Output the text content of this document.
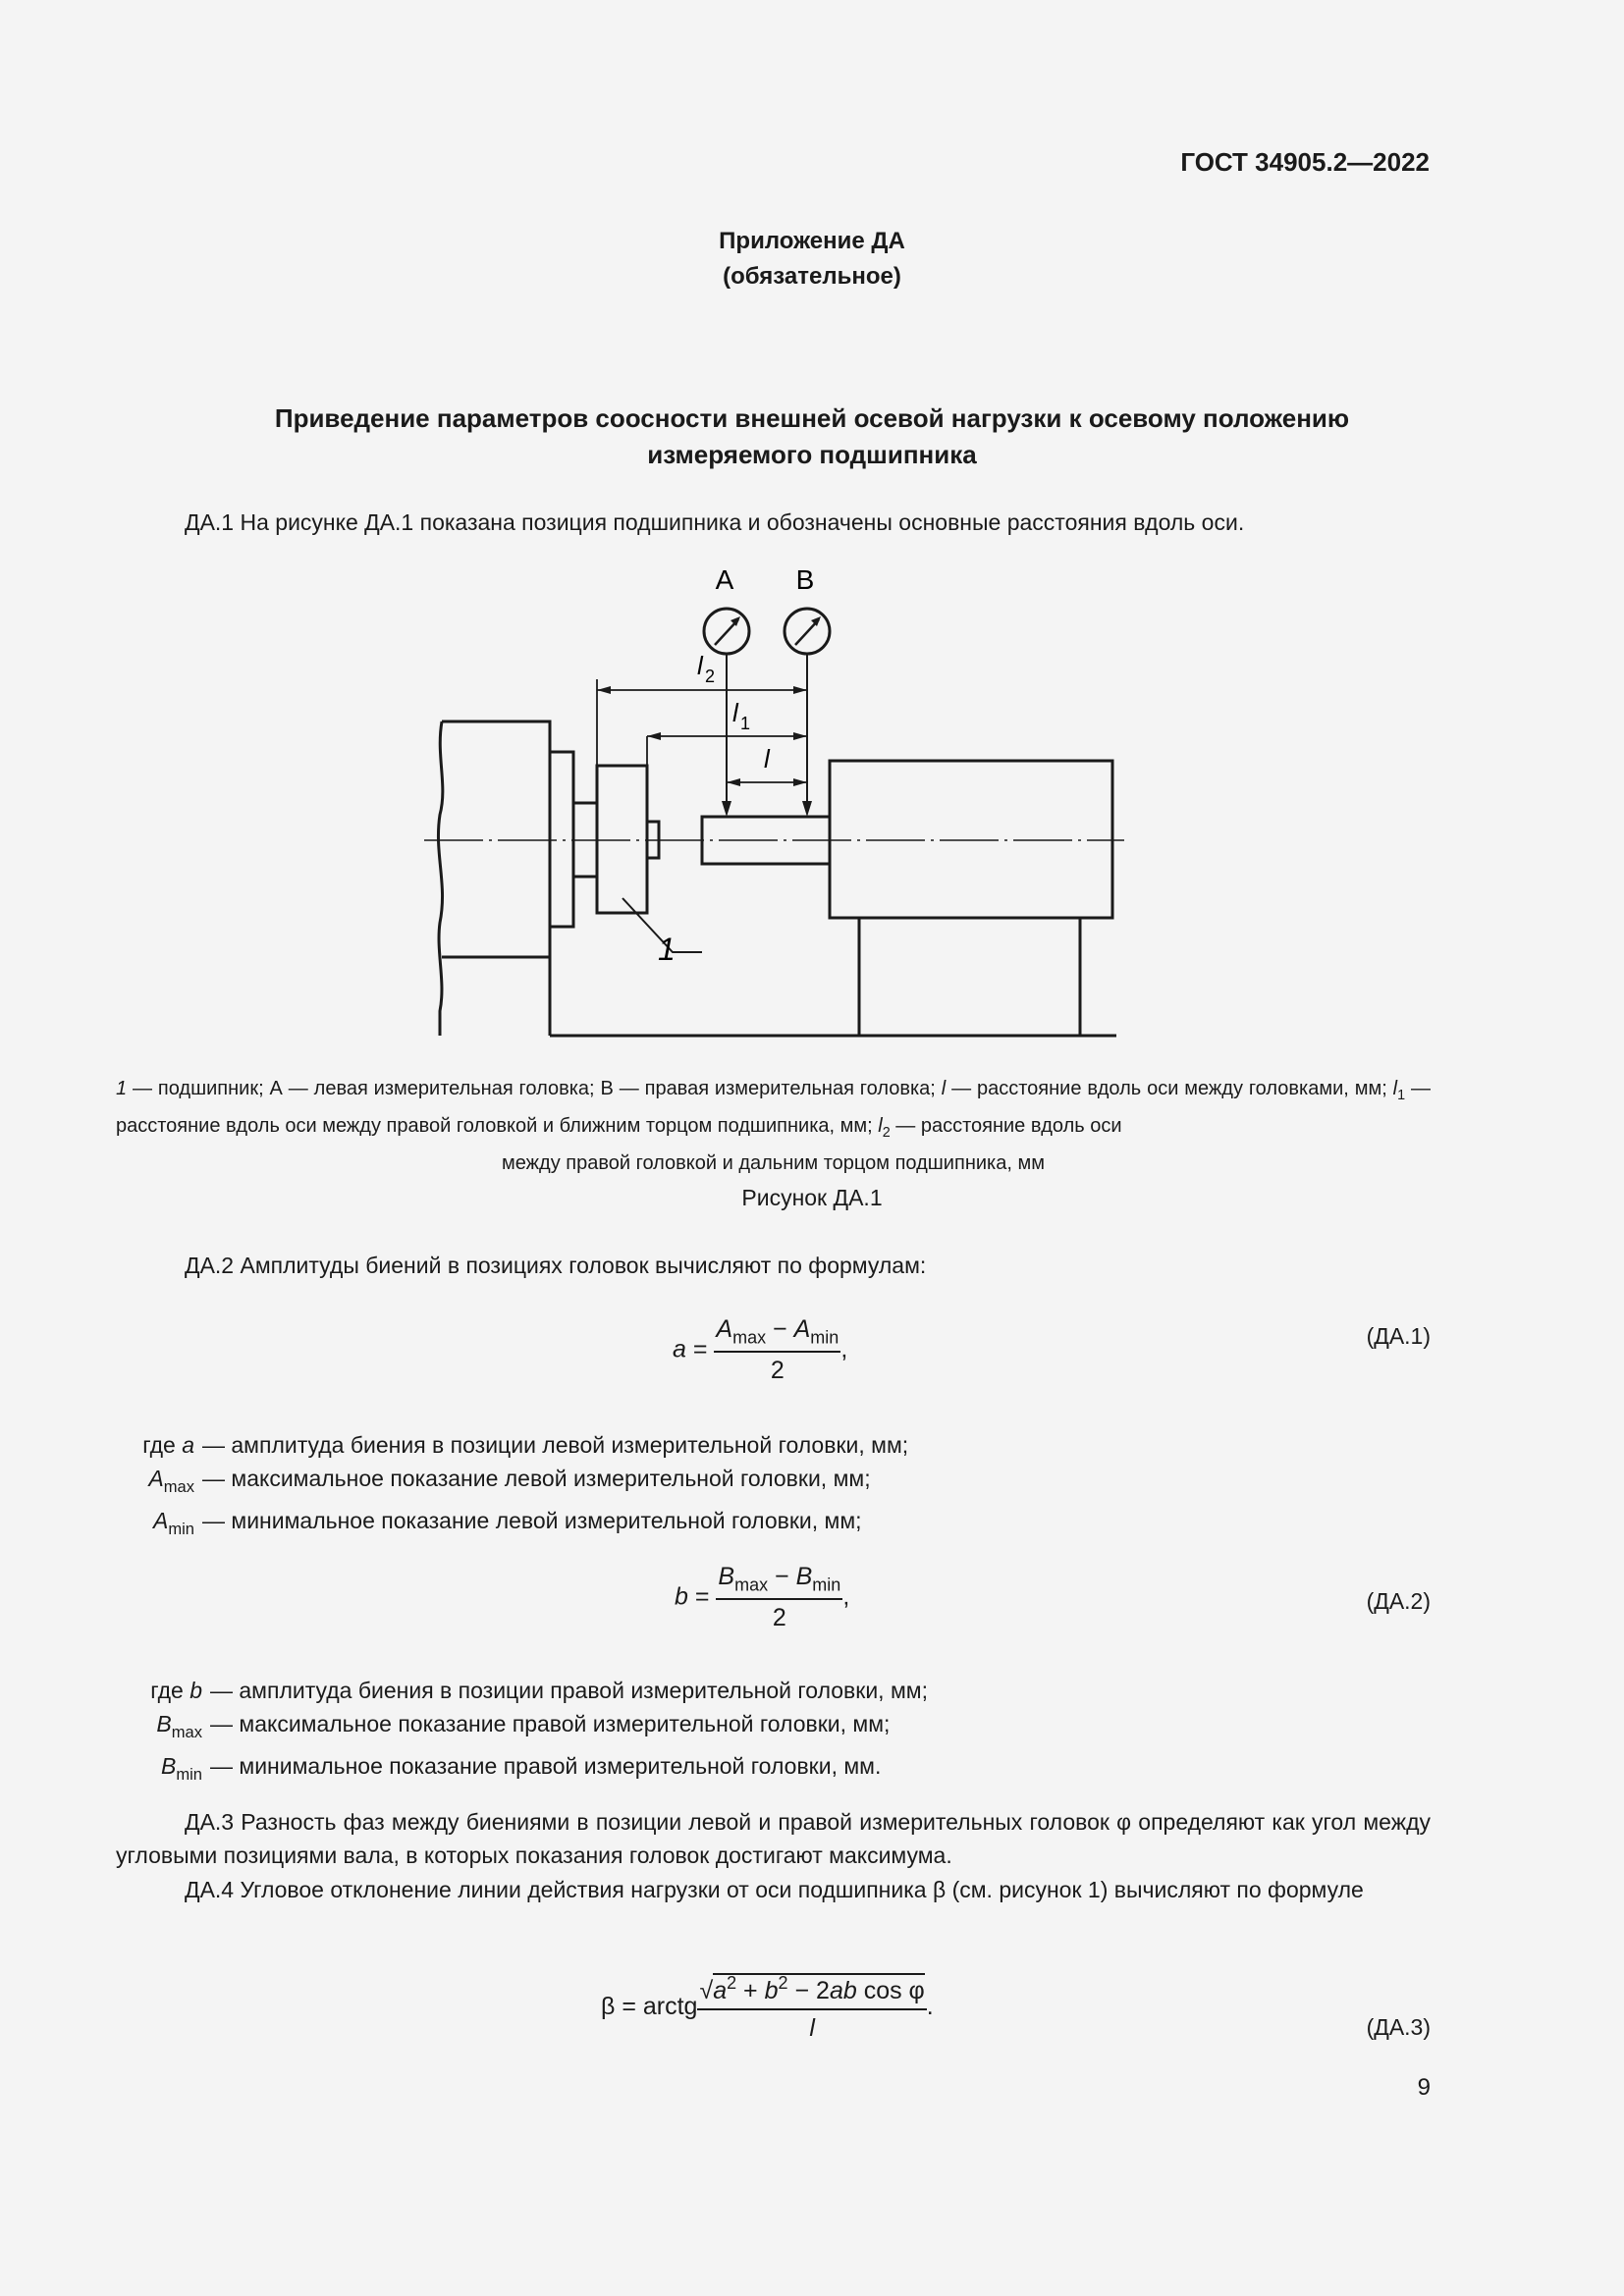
ГОСТ 34905.2—2022
Приложение ДА
(обязательное)
Приведение параметров соосности внешней осевой нагрузки к осевому положению
измеряемого подшипника
ДА.1 На рисунке ДА.1 показана позиция подшипника и обозначены основные расстояния вдоль оси.
А В
l 2
l 1
l
1
1 — подшипник; А — левая измерительная головка; В — правая измерительная головка; l — расстояние вдоль оси между головками, мм; $l_1$ — расстояние вдоль оси между правой головкой и ближним торцом подшипника, мм; $l_2$ — расстояние вдоль оси
между правой головкой и дальним торцом подшипника, мм
Рисунок ДА.1
ДА.2 Амплитуды биений в позициях головок вычисляют по формулам:
$a = \frac{A_{max} - A_{min}}{2}$ ,	(ДА.1)
где a — амплитуда биения в позиции левой измерительной головки, мм;
$A_{max}$ — максимальное показание левой измерительной головки, мм;
$A_{min}$ — минимальное показание левой измерительной головки, мм;
$b = \frac{B_{max} - B_{min}}{2}$ ,	(ДА.2)
где b — амплитуда биения в позиции правой измерительной головки, мм;
$B_{max}$ — максимальное показание правой измерительной головки, мм;
$B_{min}$ — минимальное показание правой измерительной головки, мм.
ДА.3 Разность фаз между биениями в позиции левой и правой измерительных головок φ определяют как угол между угловыми позициями вала, в которых показания головок достигают максимума.
ДА.4 Угловое отклонение линии действия нагрузки от оси подшипника β (см. рисунок 1) вычисляют по формуле
β = arctg $\frac{√a^2 + b^2 - 2ab \cos \varphi}{l}$ .
(ДА.3)
9
